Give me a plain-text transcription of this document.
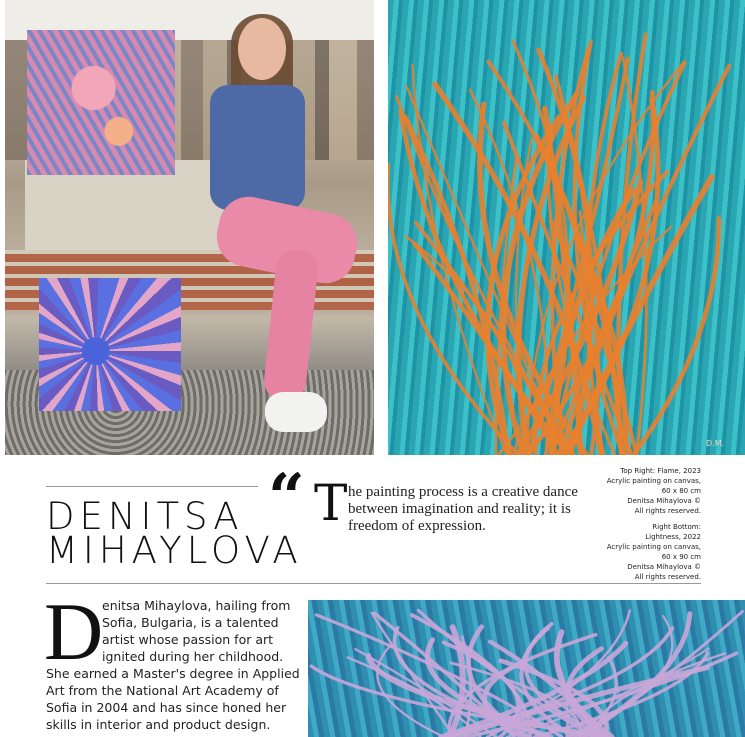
D.M.
DENITSA
MIHAYLOVA
“ T he painting process is a creative dance between imagination and reality; it is freedom of expression.
Top Right: Flame, 2023
Acrylic painting on canvas,
60 x 80 cm
Denitsa Mihaylova ©
All rights reserved.
Right Bottom:
Lightness, 2022
Acrylic painting on canvas,
60 x 90 cm
Denitsa Mihaylova ©
All rights reserved.
D
enitsa Mihaylova, hailing from
Sofia, Bulgaria, is a talented
artist whose passion for art
ignited during her childhood.
She earned a Master's degree in Applied
Art from the National Art Academy of
Sofia in 2004 and has since honed her
skills in interior and product design.
